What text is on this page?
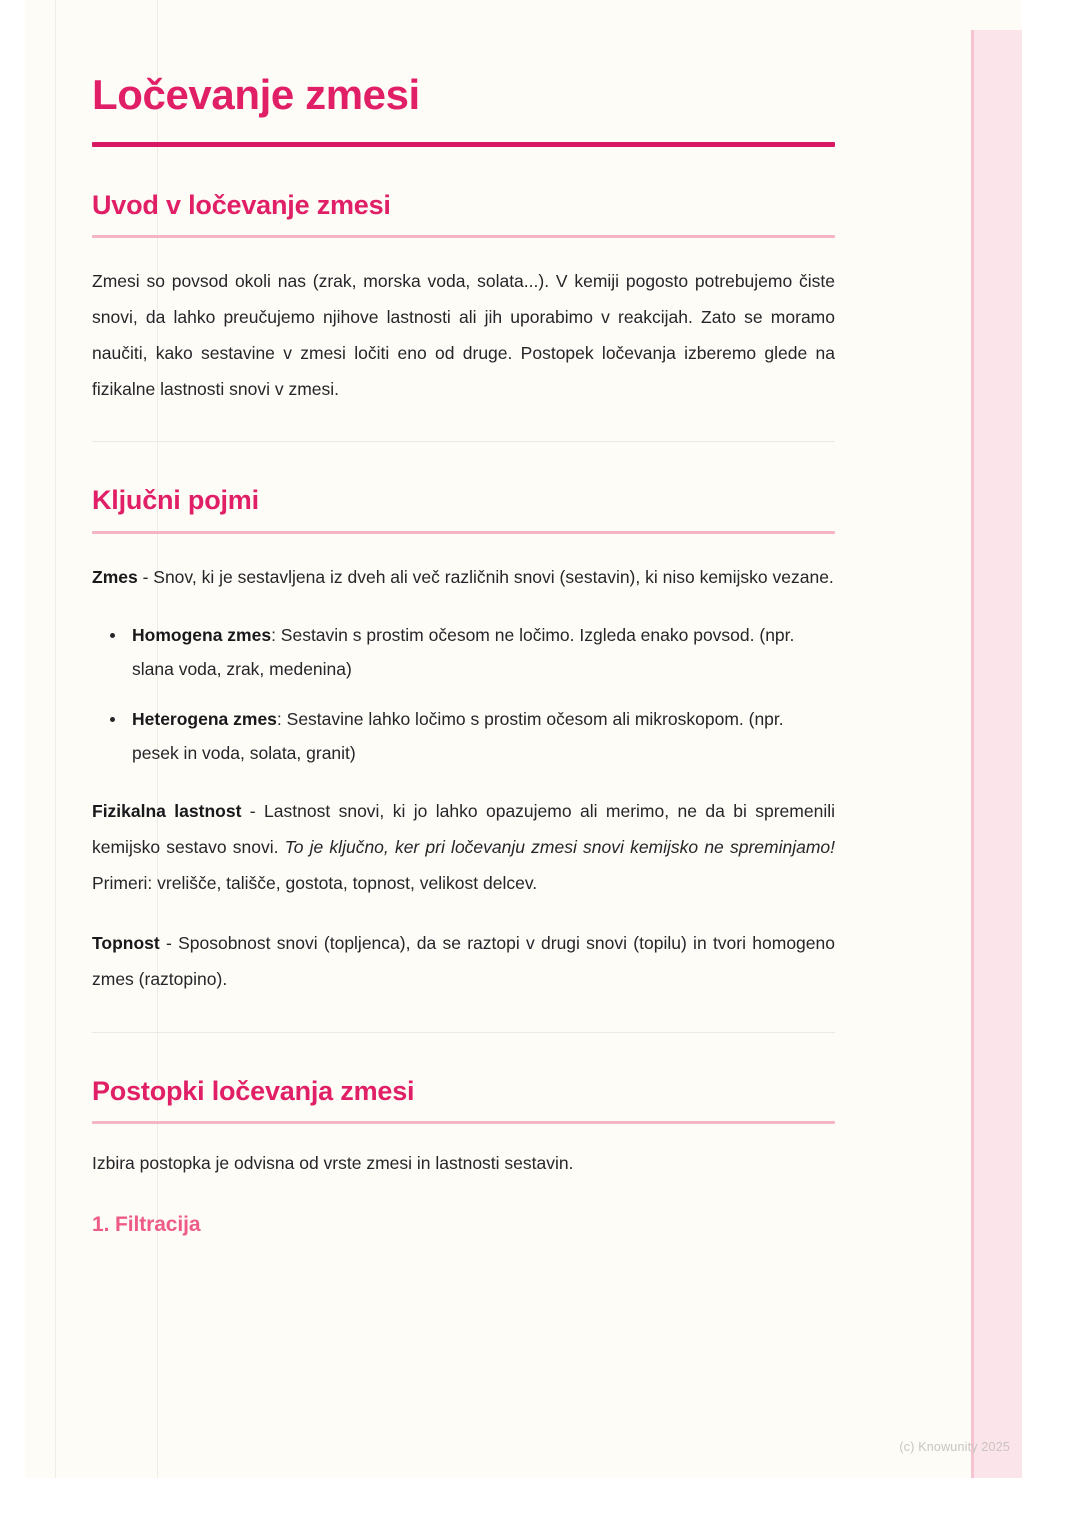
Ločevanje zmesi
Uvod v ločevanje zmesi

Zmesi so povsod okoli nas (zrak, morska voda, solata...). V kemiji pogosto potrebujemo čiste snovi, da lahko preučujemo njihove lastnosti ali jih uporabimo v reakcijah. Zato se moramo naučiti, kako sestavine v zmesi ločiti eno od druge. Postopek ločevanja izberemo glede na fizikalne lastnosti snovi v zmesi.

Ključni pojmi

Zmes - Snov, ki je sestavljena iz dveh ali več različnih snovi (sestavin), ki niso kemijsko vezane.

Homogena zmes: Sestavin s prostim očesom ne ločimo. Izgleda enako povsod. (npr. slana voda, zrak, medenina)
Heterogena zmes: Sestavine lahko ločimo s prostim očesom ali mikroskopom. (npr. pesek in voda, solata, granit)

Fizikalna lastnost - Lastnost snovi, ki jo lahko opazujemo ali merimo, ne da bi spremenili kemijsko sestavo snovi. To je ključno, ker pri ločevanju zmesi snovi kemijsko ne spreminjamo! Primeri: vrelišče, tališče, gostota, topnost, velikost delcev.

Topnost - Sposobnost snovi (topljenca), da se raztopi v drugi snovi (topilu) in tvori homogeno zmes (raztopino).

Postopki ločevanja zmesi

Izbira postopka je odvisna od vrste zmesi in lastnosti sestavin.

1. Filtracija
(c) Knowunity 2025
